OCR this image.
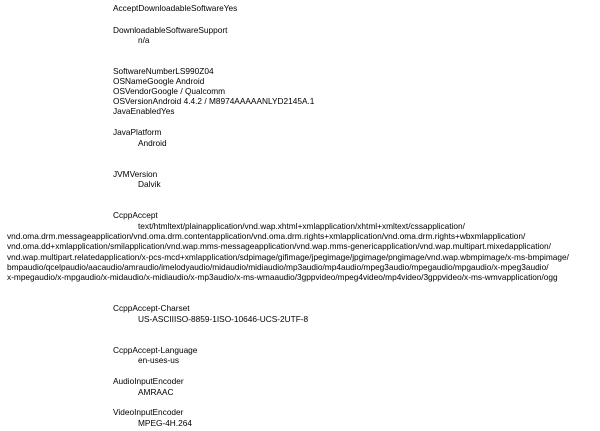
AcceptDownloadableSoftwareYes
DownloadableSoftwareSupport
n/a
SoftwareNumberLS990Z04
OSNameGoogle Android
OSVendorGoogle / Qualcomm
OSVersionAndroid 4.4.2 / M8974AAAAANLYD2145A.1
JavaEnabledYes
JavaPlatform
Android
JVMVersion
Dalvik
CcppAccept
text/htmltext/plainapplication/vnd.wap.xhtml+xmlapplication/xhtml+xmltext/cssapplication/
vnd.oma.drm.messageapplication/vnd.oma.drm.contentapplication/vnd.oma.drm.rights+xmlapplication/vnd.oma.drm.rights+wbxmlapplication/
vnd.oma.dd+xmlapplication/smilapplication/vnd.wap.mms-messageapplication/vnd.wap.mms-genericapplication/vnd.wap.multipart.mixedapplication/
vnd.wap.multipart.relatedapplication/x-pcs-mcd+xmlapplication/sdpimage/gifimage/jpegimage/jpgimage/pngimage/vnd.wap.wbmpimage/x-ms-bmpimage/
bmpaudio/qcelpaudio/aacaudio/amraudio/imelodyaudio/midaudio/midiaudio/mp3audio/mp4audio/mpeg3audio/mpegaudio/mpgaudio/x-mpeg3audio/
x-mpegaudio/x-mpgaudio/x-midaudio/x-midiaudio/x-mp3audio/x-ms-wmaaudio/3gppvideo/mpeg4video/mp4video/3gppvideo/x-ms-wmvapplication/ogg
CcppAccept-Charset
US-ASCIIISO-8859-1ISO-10646-UCS-2UTF-8
CcppAccept-Language
en-uses-us
AudioInputEncoder
AMRAAC
VideoInputEncoder
MPEG-4H.264
